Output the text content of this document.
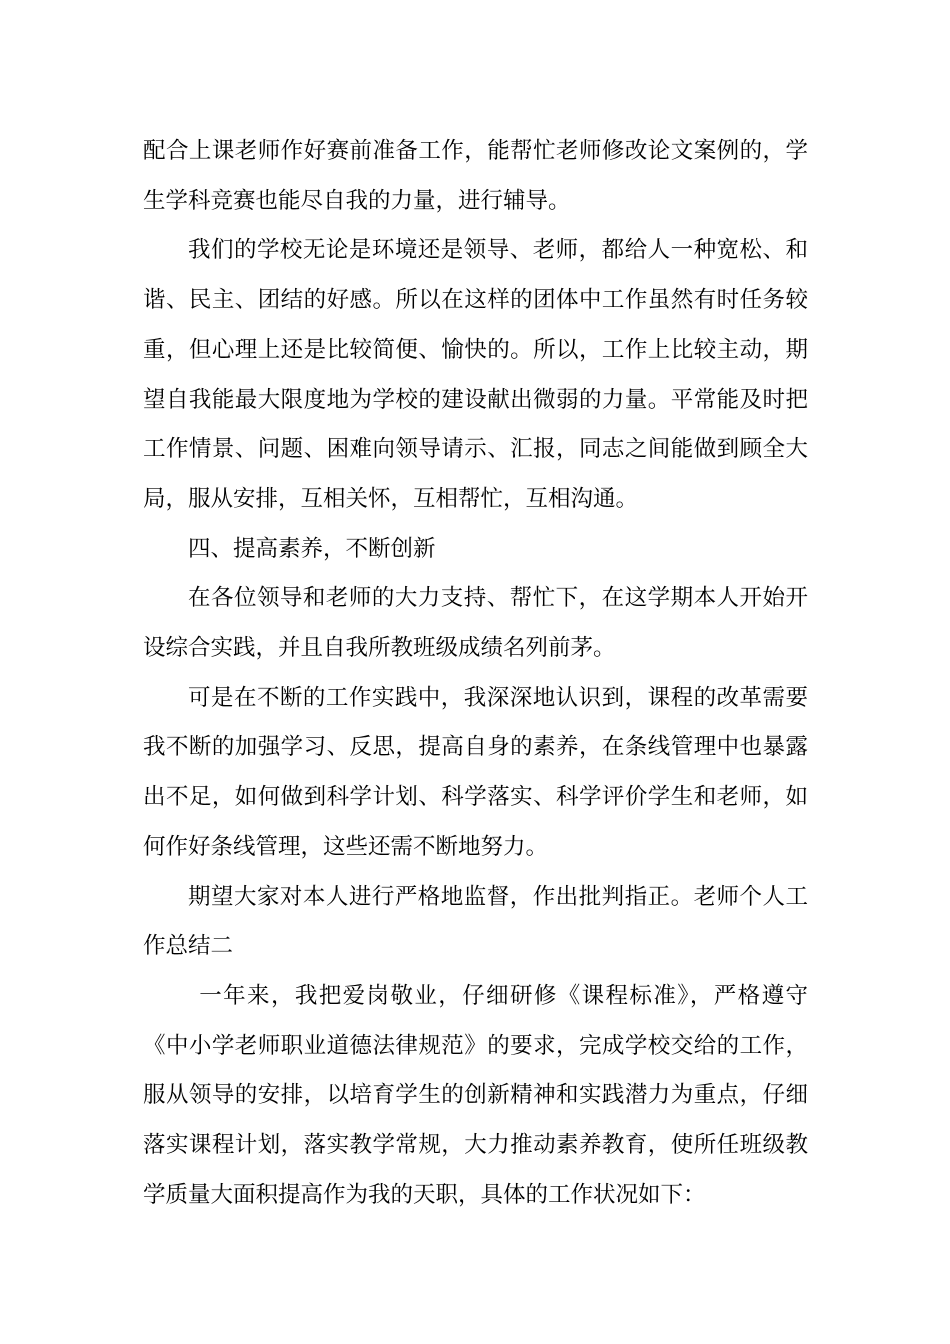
配合上课老师作好赛前准备工作，能帮忙老师修改论文案例的，学生学科竞赛也能尽自我的力量，进行辅导。

我们的学校无论是环境还是领导、老师，都给人一种宽松、和谐、民主、团结的好感。所以在这样的团体中工作虽然有时任务较重，但心理上还是比较简便、愉快的。所以，工作上比较主动，期望自我能最大限度地为学校的建设献出微弱的力量。平常能及时把工作情景、问题、困难向领导请示、汇报，同志之间能做到顾全大局，服从安排，互相关怀，互相帮忙，互相沟通。

四、提高素养，不断创新

在各位领导和老师的大力支持、帮忙下，在这学期本人开始开设综合实践，并且自我所教班级成绩名列前茅。

可是在不断的工作实践中，我深深地认识到，课程的改革需要我不断的加强学习、反思，提高自身的素养，在条线管理中也暴露出不足，如何做到科学计划、科学落实、科学评价学生和老师，如何作好条线管理，这些还需不断地努力。

期望大家对本人进行严格地监督，作出批判指正。老师个人工作总结二

一年来，我把爱岗敬业，仔细研修《课程标准》，严格遵守《中小学老师职业道德法律规范》的要求，完成学校交给的工作，服从领导的安排，以培育学生的创新精神和实践潜力为重点，仔细落实课程计划，落实教学常规，大力推动素养教育，使所任班级教学质量大面积提高作为我的天职，具体的工作状况如下：
